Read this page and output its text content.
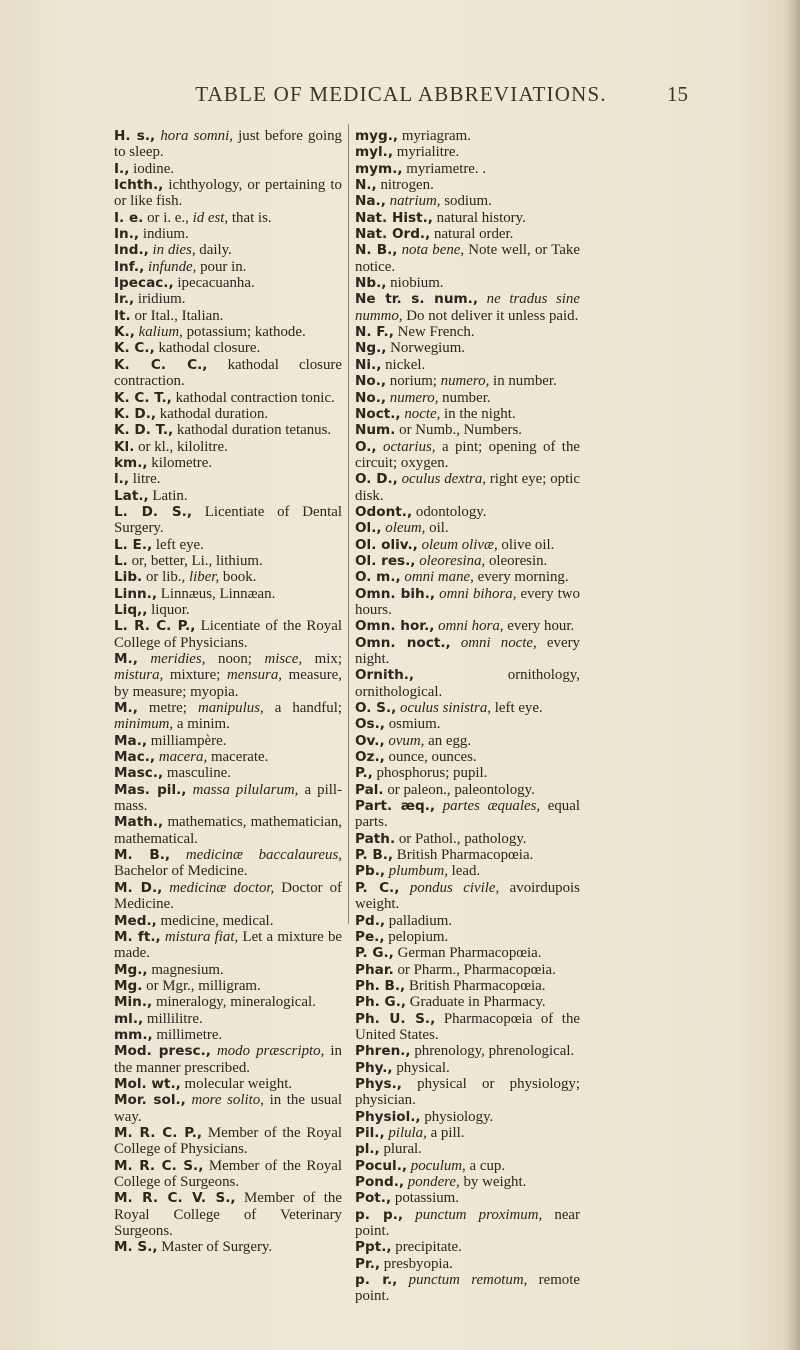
TABLE OF MEDICAL ABBREVIATIONS.	15

H. s., hora somni, just before going to sleep.

I., iodine.

Ichth., ichthyology, or pertaining to or like fish.

I. e. or i. e., id est, that is.

In., indium.

Ind., in dies, daily.

Inf., infunde, pour in.

Ipecac., ipecacuanha.

Ir., iridium.

It. or Ital., Italian.

K., kalium, potassium; kathode.

K. C., kathodal closure.

K. C. C., kathodal closure contraction.

K. C. T., kathodal contraction tonic.

K. D., kathodal duration.

K. D. T., kathodal duration tetanus.

Kl. or kl., kilolitre.

km., kilometre.

l., litre.

Lat., Latin.

L. D. S., Licentiate of Dental Surgery.

L. E., left eye.

L. or, better, Li., lithium.

Lib. or lib., liber, book.

Linn., Linnæus, Linnæan.

Liq,, liquor.

L. R. C. P., Licentiate of the Royal College of Physicians.

M., meridies, noon; misce, mix; mistura, mixture; mensura, measure, by measure; myopia.

M., metre; manipulus, a handful; minimum, a minim.

Ma., milliampère.

Mac., macera, macerate.

Masc., masculine.

Mas. pil., massa pilularum, a pill-mass.

Math., mathematics, mathematician, mathematical.

M. B., medicinæ baccalaureus, Bachelor of Medicine.

M. D., medicinæ doctor, Doctor of Medicine.

Med., medicine, medical.

M. ft., mistura fiat, Let a mixture be made.

Mg., magnesium.

Mg. or Mgr., milligram.

Min., mineralogy, mineralogical.

ml., millilitre.

mm., millimetre.

Mod. presc., modo præscripto, in the manner prescribed.

Mol. wt., molecular weight.

Mor. sol., more solito, in the usual way.

M. R. C. P., Member of the Royal College of Physicians.

M. R. C. S., Member of the Royal College of Surgeons.

M. R. C. V. S., Member of the Royal College of Veterinary Surgeons.

M. S., Master of Surgery.

myg., myriagram.

myl., myrialitre.

mym., myriametre. .

N., nitrogen.

Na., natrium, sodium.

Nat. Hist., natural history.

Nat. Ord., natural order.

N. B., nota bene, Note well, or Take notice.

Nb., niobium.

Ne tr. s. num., ne tradus sine nummo, Do not deliver it unless paid.

N. F., New French.

Ng., Norwegium.

Ni., nickel.

No., norium; numero, in number.

No., numero, number.

Noct., nocte, in the night.

Num. or Numb., Numbers.

O., octarius, a pint; opening of the circuit; oxygen.

O. D., oculus dextra, right eye; optic disk.

Odont., odontology.

Ol., oleum, oil.

Ol. oliv., oleum olivæ, olive oil.

Ol. res., oleoresina, oleoresin.

O. m., omni mane, every morning.

Omn. bih., omni bihora, every two hours.

Omn. hor., omni hora, every hour.

Omn. noct., omni nocte, every night.

Ornith.,	ornithology, ornithological.

O. S., oculus sinistra, left eye.

Os., osmium.

Ov., ovum, an egg.

Oz., ounce, ounces.

P., phosphorus; pupil.

Pal. or paleon., paleontology.

Part. æq., partes æquales, equal parts.

Path. or Pathol., pathology.

P. B., British Pharmacopœia.

Pb., plumbum, lead.

P. C., pondus civile, avoirdupois weight.

Pd., palladium.

Pe., pelopium.

P. G., German Pharmacopœia.

Phar. or Pharm., Pharmacopœia.

Ph. B., British Pharmacopœia.

Ph. G., Graduate in Pharmacy.

Ph. U. S., Pharmacopœia of the United States.

Phren., phrenology, phrenological.

Phy., physical.

Phys., physical or physiology; physician.

Physiol., physiology.

Pil., pilula, a pill.

pl., plural.

Pocul., poculum, a cup.

Pond., pondere, by weight.

Pot., potassium.

p. p., punctum proximum, near point.

Ppt., precipitate.

Pr., presbyopia.

p. r., punctum remotum, remote point.
